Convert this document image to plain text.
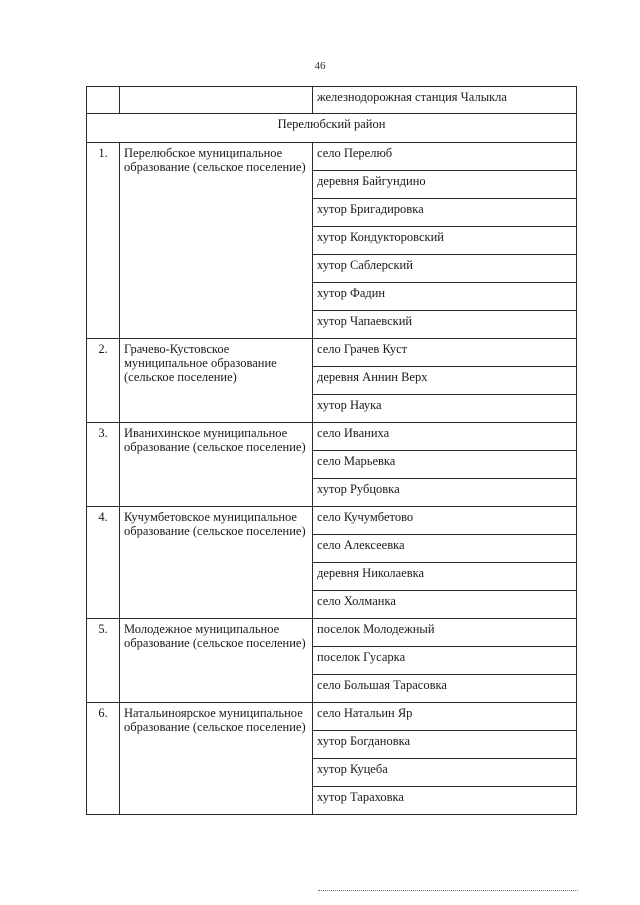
46
		железнодорожная станция Чалыкла
Перелюбский район		
1.	Перелюбское муниципальное образование (сельское поселение)	село Перелюб
		деревня Байгундино
		хутор Бригадировка
		хутор Кондукторовский
		хутор Саблерский
		хутор Фадин
		хутор Чапаевский
2.	Грачево-Кустовское муниципальное образование (сельское поселение)	село Грачев Куст
		деревня Аннин Верх
		хутор Наука
3.	Иванихинское муниципальное образование (сельское поселение)	село Иваниха
		село Марьевка
		хутор Рубцовка
4.	Кучумбетовское муниципальное образование (сельское поселение)	село Кучумбетово
		село Алексеевка
		деревня Николаевка
		село Холманка
5.	Молодежное муниципальное образование (сельское поселение)	поселок Молодежный
		поселок Гусарка
		село Большая Тарасовка
6.	Натальиноярское муниципальное образование (сельское поселение)	село Натальин Яр
		хутор Богдановка
		хутор Куцеба
		хутор Тараховка
